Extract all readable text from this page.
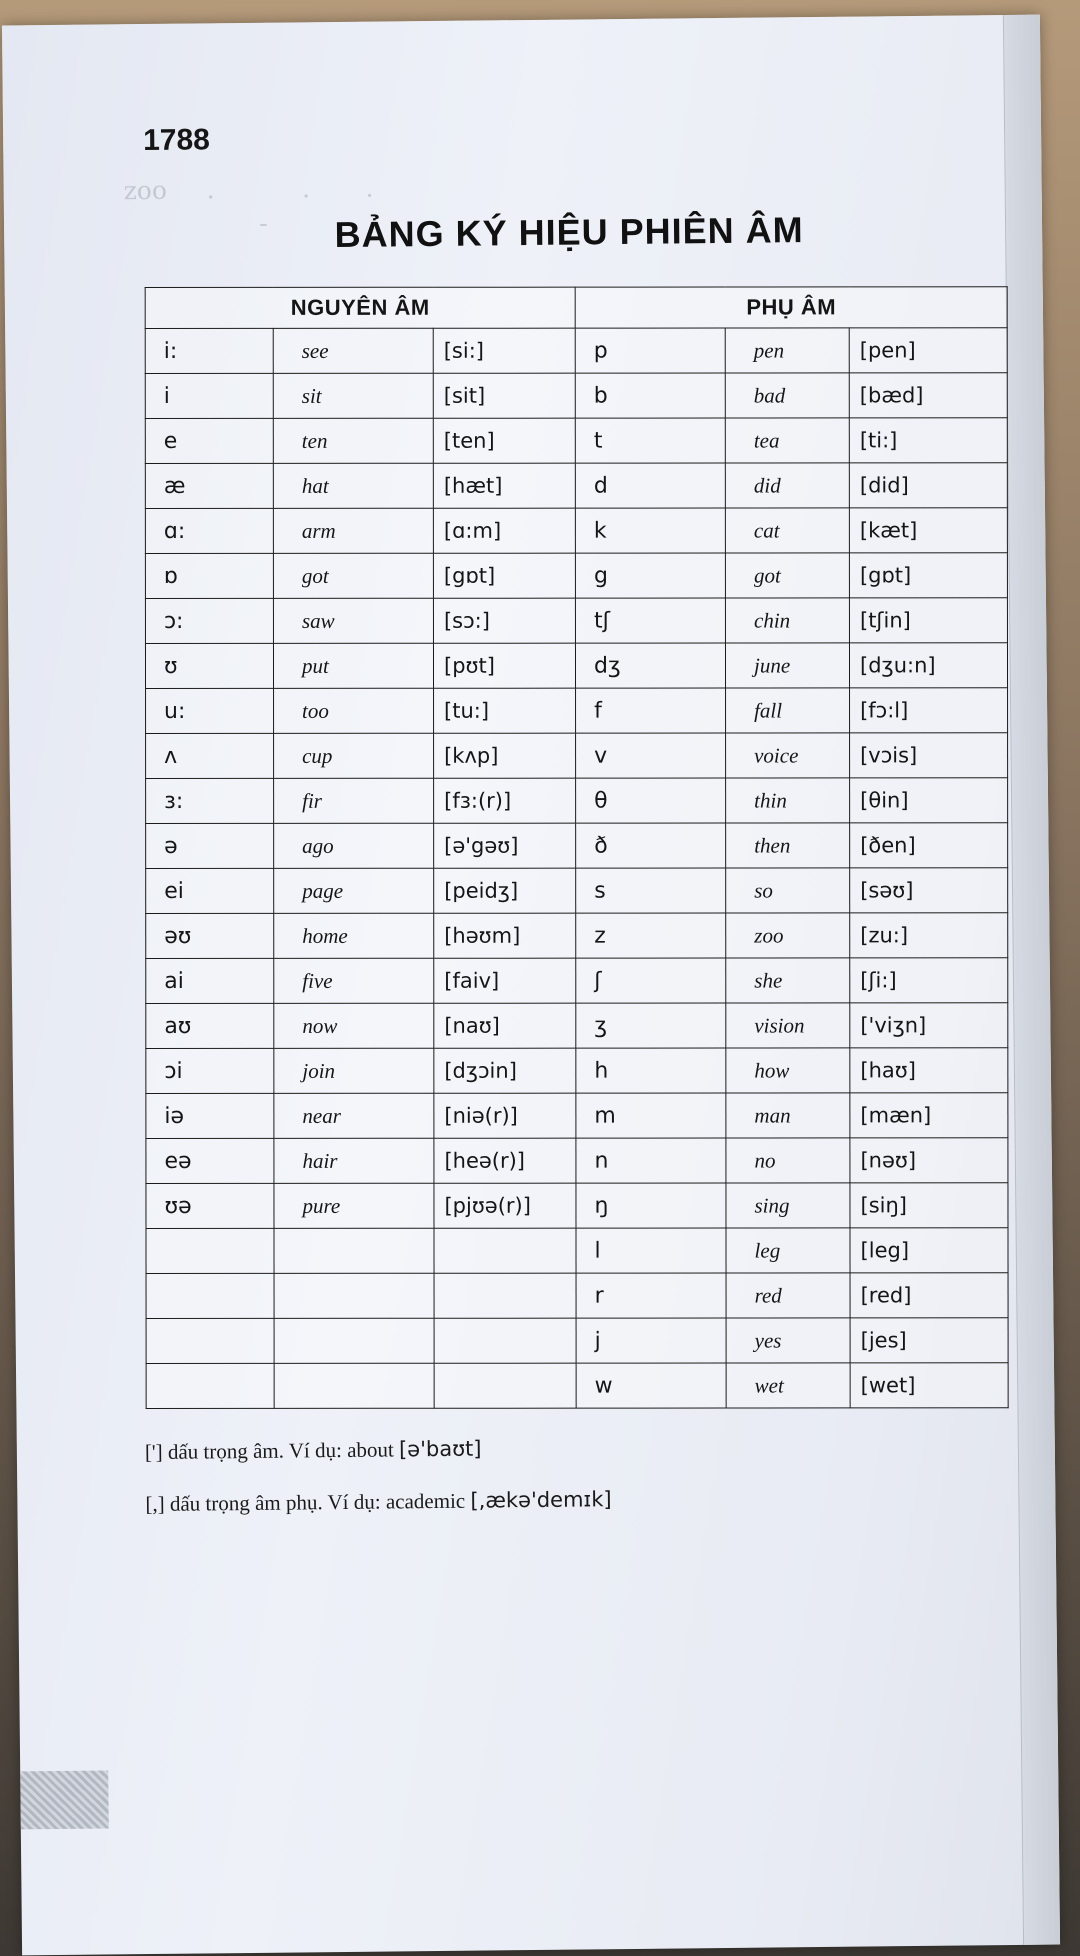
zoo     .           .       .
-

1788
BẢNG KÝ HIỆU PHIÊN ÂM
NGUYÊN ÂM			PHỤ ÂM		
i:	see	[si:]	p	pen	[pen]
i	sit	[sit]	b	bad	[bæd]
e	ten	[ten]	t	tea	[ti:]
æ	hat	[hæt]	d	did	[did]
ɑ:	arm	[ɑ:m]	k	cat	[kæt]
ɒ	got	[gɒt]	g	got	[gɒt]
ɔ:	saw	[sɔ:]	tʃ	chin	[tʃin]
ʊ	put	[pʊt]	dʒ	june	[dʒu:n]
u:	too	[tu:]	f	fall	[fɔ:l]
ʌ	cup	[kʌp]	v	voice	[vɔis]
ɜ:	fir	[fɜ:(r)]	θ	thin	[θin]
ə	ago	[ə'gəʊ]	ð	then	[ðen]
ei	page	[peidʒ]	s	so	[səʊ]
əʊ	home	[həʊm]	z	zoo	[zu:]
ai	five	[faiv]	ʃ	she	[ʃi:]
aʊ	now	[naʊ]	ʒ	vision	['viʒn]
ɔi	join	[dʒɔin]	h	how	[haʊ]
iə	near	[niə(r)]	m	man	[mæn]
eə	hair	[heə(r)]	n	no	[nəʊ]
ʊə	pure	[pjʊə(r)]	ŋ	sing	[siŋ]
			l	leg	[leg]
			r	red	[red]
			j	yes	[jes]
			w	wet	[wet]
['] dấu trọng âm. Ví dụ: about [ə'baʊt]
[,] dấu trọng âm phụ. Ví dụ: academic [,ækə'demɪk]
